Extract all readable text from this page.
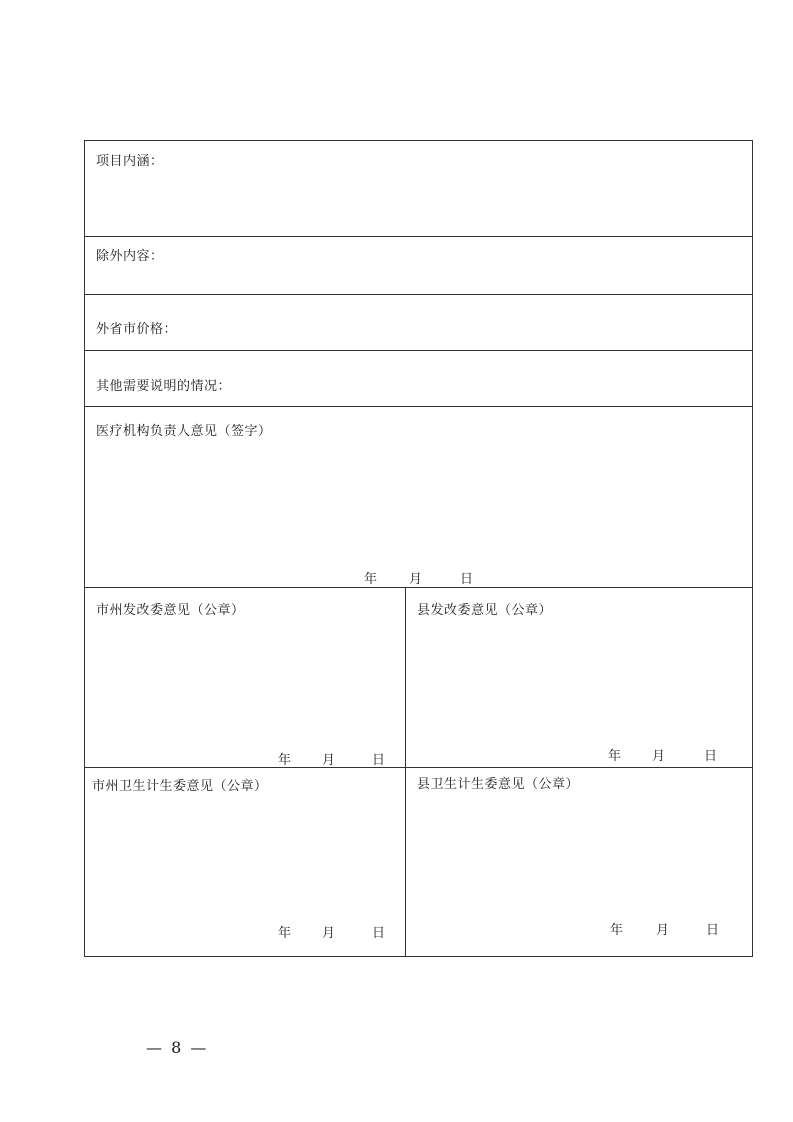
项目内涵：
除外内容：
外省市价格：
其他需要说明的情况：
医疗机构负责人意见（签字）
年 月	日
市州发改委意见（公章）
年 月	日
县发改委意见（公章）
年 月	日
市州卫生计生委意见（公章）
年 月	日
县卫生计生委意见（公章）
年	月	日
— 8 —
